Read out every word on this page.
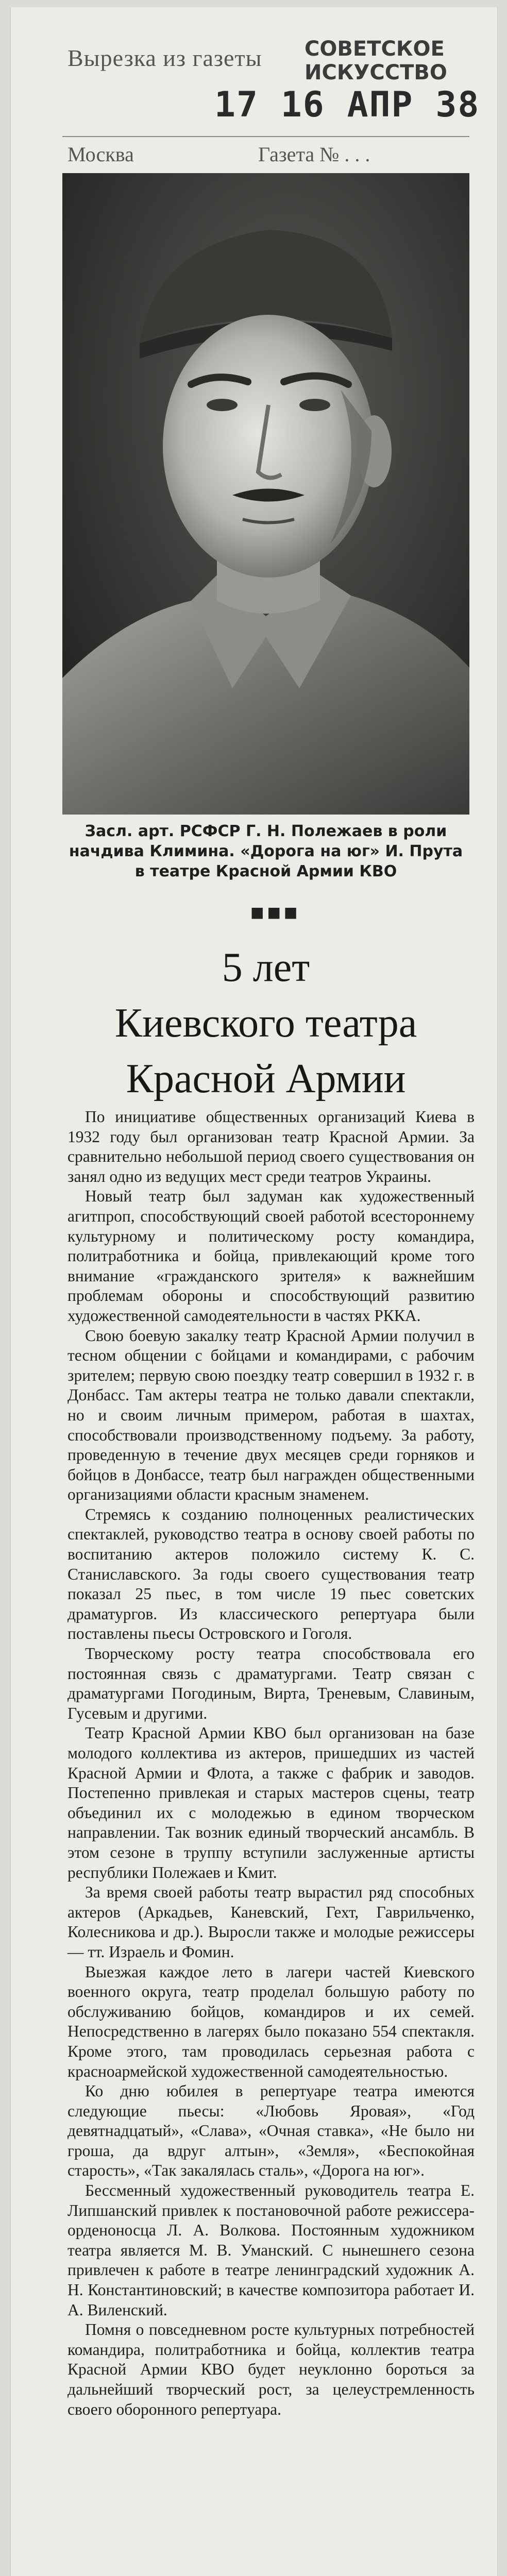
Вырезка из газеты СОВЕТСКОЕ ИСКУССТВО
17 16 АПР 38
Москва	Газета № . . .
Засл. арт. РСФСР Г. Н. Полежаев в роли начдива Климина. «Дорога на юг» И. Прута в театре Красной Армии КВО
■■■
5 лет
Киевского театра
Красной Армии

По инициативе общественных организаций Киева в 1932 году был организован театр Красной Армии. За сравнительно небольшой период своего существования он занял одно из ведущих мест среди театров Украины.

Новый театр был задуман как художественный агитпроп, способствующий своей работой всестороннему культурному и политическому росту командира, политработника и бойца, привлекающий кроме того внимание «гражданского зрителя» к важнейшим проблемам обороны и способствующий развитию художественной самодеятельности в частях РККА.

Свою боевую закалку театр Красной Армии получил в тесном общении с бойцами и командирами, с рабочим зрителем; первую свою поездку театр совершил в 1932 г. в Донбасс. Там актеры театра не только давали спектакли, но и своим личным примером, работая в шахтах, способствовали производственному подъему. За работу, проведенную в течение двух месяцев среди горняков и бойцов в Донбассе, театр был награжден общественными организациями области красным знаменем.

Стремясь к созданию полноценных реалистических спектаклей, руководство театра в основу своей работы по воспитанию актеров положило систему К. С. Станиславского. За годы своего существования театр показал 25 пьес, в том числе 19 пьес советских драматургов. Из классического репертуара были поставлены пьесы Островского и Гоголя.

Творческому росту театра способствовала его постоянная связь с драматургами. Театр связан с драматургами Погодиным, Вирта, Треневым, Славиным, Гусевым и другими.

Театр Красной Армии КВО был организован на базе молодого коллектива из актеров, пришедших из частей Красной Армии и Флота, а также с фабрик и заводов. Постепенно привлекая и старых мастеров сцены, театр объединил их с молодежью в едином творческом направлении. Так возник единый творческий ансамбль. В этом сезоне в труппу вступили заслуженные артисты республики Полежаев и Кмит.

За время своей работы театр вырастил ряд способных актеров (Аркадьев, Каневский, Гехт, Гаврильченко, Колесникова и др.). Выросли также и молодые режиссеры — тт. Израель и Фомин.

Выезжая каждое лето в лагери частей Киевского военного округа, театр проделал большую работу по обслуживанию бойцов, командиров и их семей. Непосредственно в лагерях было показано 554 спектакля. Кроме этого, там проводилась серьезная работа с красноармейской художественной самодеятельностью.

Ко дню юбилея в репертуаре театра имеются следующие пьесы: «Любовь Яровая», «Год девятнадцатый», «Слава», «Очная ставка», «Не было ни гроша, да вдруг алтын», «Земля», «Беспокойная старость», «Так закалялась сталь», «Дорога на юг».

Бессменный художественный руководитель театра Е. Липшанский привлек к постановочной работе режиссера-орденоносца Л. А. Волкова. Постоянным художником театра является М. В. Уманский. С нынешнего сезона привлечен к работе в театре ленинградский художник А. Н. Константиновский; в качестве композитора работает И. А. Виленский.

Помня о повседневном росте культурных потребностей командира, политработника и бойца, коллектив театра Красной Армии КВО будет неуклонно бороться за дальнейший творческий рост, за целеустремленность своего оборонного репертуара.
